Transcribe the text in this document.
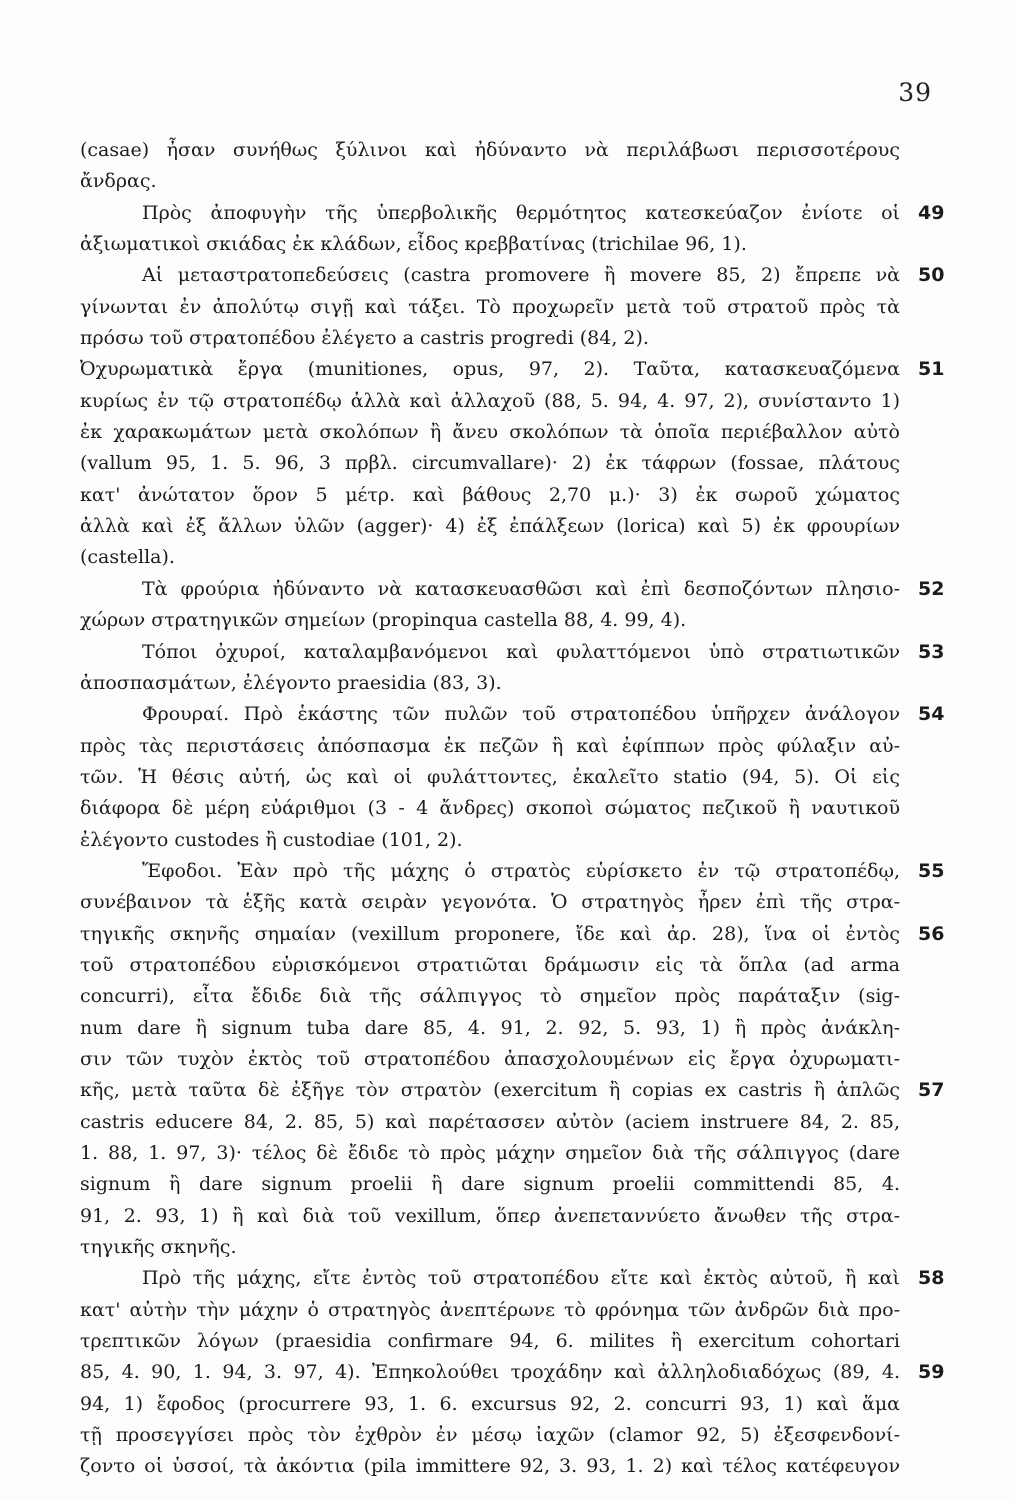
39
(casae) ἦσαν συνήθως ξύλινοι καὶ ἠδύναντο νὰ περιλάβωσι περισσοτέρους
ἄνδρας.
Πρὸς ἀποφυγὴν τῆς ὑπερβολικῆς θερμότητος κατεσκεύαζον ἐνίοτε οἱ 49
ἀξιωματικοὶ σκιάδας ἐκ κλάδων, εἶδος κρεββατίνας (trichilae 96, 1).
Αἱ μεταστρατοπεδεύσεις (castra promovere ἢ movere 85, 2) ἔπρεπε νὰ 50
γίνωνται ἐν ἀπολύτῳ σιγῇ καὶ τάξει. Τὸ προχωρεῖν μετὰ τοῦ στρατοῦ πρὸς τὰ
πρόσω τοῦ στρατοπέδου ἐλέγετο a castris progredi (84, 2).
Ὀχυρωματικὰ ἔργα (munitiones, opus, 97, 2). Ταῦτα, κατασκευαζόμενα 51
κυρίως ἐν τῷ στρατοπέδῳ ἀλλὰ καὶ ἀλλαχοῦ (88, 5. 94, 4. 97, 2), συνίσταντο 1)
ἐκ χαρακωμάτων μετὰ σκολόπων ἢ ἄνευ σκολόπων τὰ ὁποῖα περιέβαλλον αὐτὸ
(vallum 95, 1. 5. 96, 3 πρβλ. circumvallare)· 2) ἐκ τάφρων (fossae, πλάτους
κατ' ἀνώτατον ὅρον 5 μέτρ. καὶ βάθους 2,70 μ.)· 3) ἐκ σωροῦ χώματος
ἀλλὰ καὶ ἐξ ἄλλων ὑλῶν (agger)· 4) ἐξ ἐπάλξεων (lorica) καὶ 5) ἐκ φρουρίων
(castella).
Τὰ φρούρια ἠδύναντο νὰ κατασκευασθῶσι καὶ ἐπὶ δεσποζόντων πλησιο- 52
χώρων στρατηγικῶν σημείων (propinqua castella 88, 4. 99, 4).
Τόποι ὀχυροί, καταλαμβανόμενοι καὶ φυλαττόμενοι ὑπὸ στρατιωτικῶν 53
ἀποσπασμάτων, ἐλέγοντο praesidia (83, 3).
Φρουραί. Πρὸ ἑκάστης τῶν πυλῶν τοῦ στρατοπέδου ὑπῆρχεν ἀνάλογον 54
πρὸς τὰς περιστάσεις ἀπόσπασμα ἐκ πεζῶν ἢ καὶ ἐφίππων πρὸς φύλαξιν αὐ-
τῶν. Ἡ θέσις αὐτή, ὡς καὶ οἱ φυλάττοντες, ἐκαλεῖτο statio (94, 5). Οἱ εἰς
διάφορα δὲ μέρη εὐάριθμοι (3 - 4 ἄνδρες) σκοποὶ σώματος πεζικοῦ ἢ ναυτικοῦ
ἐλέγοντο custodes ἢ custodiae (101, 2).
Ἔφοδοι. Ἐὰν πρὸ τῆς μάχης ὁ στρατὸς εὑρίσκετο ἐν τῷ στρατοπέδῳ, 55
συνέβαινον τὰ ἑξῆς κατὰ σειρὰν γεγονότα. Ὁ στρατηγὸς ἦρεν ἐπὶ τῆς στρα-
τηγικῆς σκηνῆς σημαίαν (vexillum proponere, ἴδε καὶ ἀρ. 28), ἵνα οἱ ἐντὸς 56
τοῦ στρατοπέδου εὑρισκόμενοι στρατιῶται δράμωσιν εἰς τὰ ὅπλα (ad arma
concurri), εἶτα ἔδιδε διὰ τῆς σάλπιγγος τὸ σημεῖον πρὸς παράταξιν (sig-
num dare ἢ signum tuba dare 85, 4. 91, 2. 92, 5. 93, 1) ἢ πρὸς ἀνάκλη-
σιν τῶν τυχὸν ἐκτὸς τοῦ στρατοπέδου ἀπασχολουμένων εἰς ἔργα ὀχυρωματι-
κῆς, μετὰ ταῦτα δὲ ἐξῆγε τὸν στρατὸν (exercitum ἢ copias ex castris ἢ ἁπλῶς 57
castris educere 84, 2. 85, 5) καὶ παρέτασσεν αὐτὸν (aciem instruere 84, 2. 85,
1. 88, 1. 97, 3)· τέλος δὲ ἔδιδε τὸ πρὸς μάχην σημεῖον διὰ τῆς σάλπιγγος (dare
signum ἢ dare signum proelii ἢ dare signum proelii committendi 85, 4.
91, 2. 93, 1) ἢ καὶ διὰ τοῦ vexillum, ὅπερ ἀνεπεταννύετο ἄνωθεν τῆς στρα-
τηγικῆς σκηνῆς.
Πρὸ τῆς μάχης, εἴτε ἐντὸς τοῦ στρατοπέδου εἴτε καὶ ἐκτὸς αὐτοῦ, ἢ καὶ 58
κατ' αὐτὴν τὴν μάχην ὁ στρατηγὸς ἀνεπτέρωνε τὸ φρόνημα τῶν ἀνδρῶν διὰ προ-
τρεπτικῶν λόγων (praesidia confirmare 94, 6. milites ἢ exercitum cohortari
85, 4. 90, 1. 94, 3. 97, 4). Ἐπηκολούθει τροχάδην καὶ ἀλληλοδιαδόχως (89, 4. 59
94, 1) ἔφοδος (procurrere 93, 1. 6. excursus 92, 2. concurri 93, 1) καὶ ἅμα
τῇ προσεγγίσει πρὸς τὸν ἐχθρὸν ἐν μέσῳ ἰαχῶν (clamor 92, 5) ἐξεσφενδονί-
ζοντο οἱ ὑσσοί, τὰ ἀκόντια (pila immittere 92, 3. 93, 1. 2) καὶ τέλος κατέφευγον
